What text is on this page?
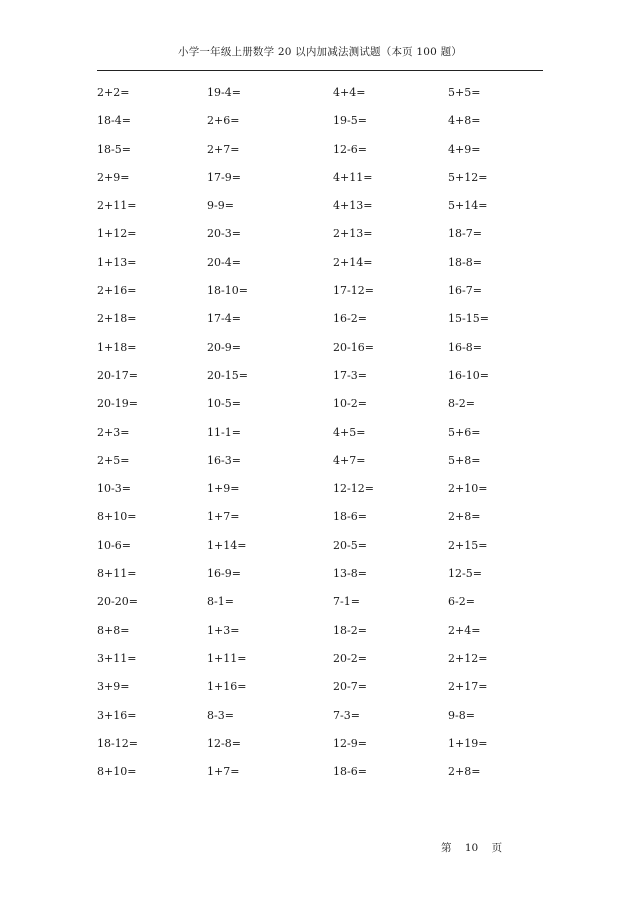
小学一年级上册数学 20 以内加减法测试题（本页 100 题）
2+2=	19-4=	4+4=	5+5=
18-4=	2+6=	19-5=	4+8=
18-5=	2+7=	12-6=	4+9=
2+9=	17-9=	4+11=	5+12=
2+11=	9-9=	4+13=	5+14=
1+12=	20-3=	2+13=	18-7=
1+13=	20-4=	2+14=	18-8=
2+16=	18-10=	17-12=	16-7=
2+18=	17-4=	16-2=	15-15=
1+18=	20-9=	20-16=	16-8=
20-17=	20-15=	17-3=	16-10=
20-19=	10-5=	10-2=	8-2=
2+3=	11-1=	4+5=	5+6=
2+5=	16-3=	4+7=	5+8=
10-3=	1+9=	12-12=	2+10=
8+10=	1+7=	18-6=	2+8=
10-6=	1+14=	20-5=	2+15=
8+11=	16-9=	13-8=	12-5=
20-20=	8-1=	7-1=	6-2=
8+8=	1+3=	18-2=	2+4=
3+11=	1+11=	20-2=	2+12=
3+9=	1+16=	20-7=	2+17=
3+16=	8-3=	7-3=	9-8=
18-12=	12-8=	12-9=	1+19=
8+10=	1+7=	18-6=	2+8=
第 10 页
